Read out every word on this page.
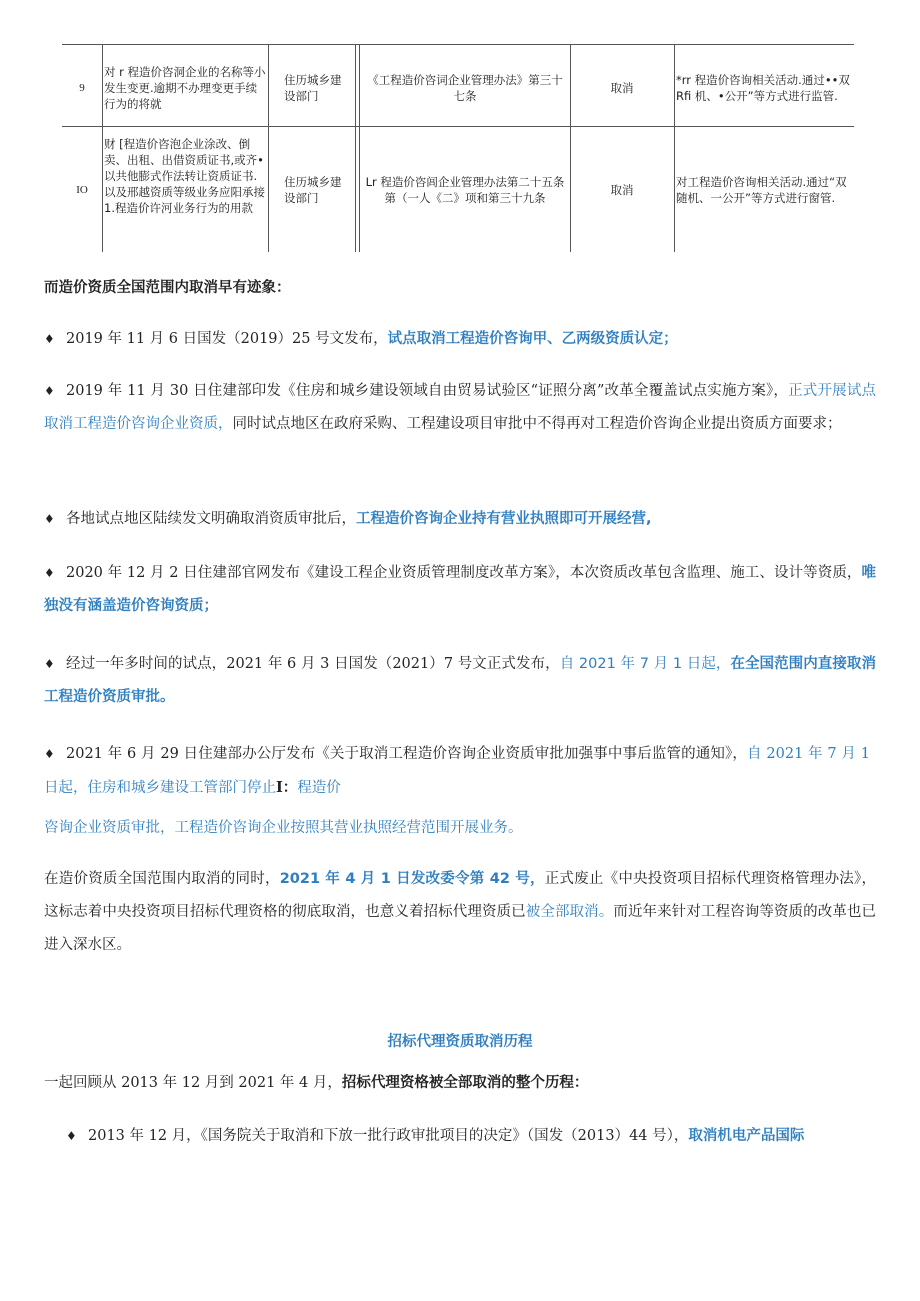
9
对 r 程造价咨洞企业的名称等小发生变更.逾期不办理变更手续行为的将就
住历城乡建设部门
《工程造价咨词企业管理办法》第三十七条
取消
*rr 程造价咨询相关活动.通过••双Rfi 机、•公开”等方式进行监管.
IO
财 [程造价咨泡企业涂改、倒卖、出租、出借资质证书,或齐•以共他膨式作法转让资质证书.以及邢越资质等级业务应阳承接 1.程造价许河业务行为的用款
住历城乡建设部门
Lr 程造价咨闾企业管理办法第二十五条第（一人《二》项和第三十九条
取消
对工程造价咨询相关活动.通过“双随机、一公开”等方式进行窗管.
而造价资质全国范围内取消早有迹象：
♦ 2019 年 11 月 6 日国发（2019）25 号文发布，试点取消工程造价咨询甲、乙两级资质认定；
♦ 2019 年 11 月 30 日住建部印发《住房和城乡建设领域自由贸易试验区“证照分离”改革全覆盖试点实施方案》，正式开展试点取消工程造价咨询企业资质，同时试点地区在政府采购、工程建设项目审批中不得再对工程造价咨询企业提出资质方面要求；
♦ 各地试点地区陆续发文明确取消资质审批后，工程造价咨询企业持有营业执照即可开展经营,
♦ 2020 年 12 月 2 日住建部官网发布《建设工程企业资质管理制度改革方案》，本次资质改革包含监理、施工、设计等资质，唯独没有涵盖造价咨询资质；
♦ 经过一年多时间的试点，2021 年 6 月 3 日国发（2021）7 号文正式发布，自 2021 年 7 月 1 日起，在全国范围内直接取消工程造价资质审批。
♦ 2021 年 6 月 29 日住建部办公厅发布《关于取消工程造价咨询企业资质审批加强事中事后监管的通知》，自 2021 年 7 月 1 日起，住房和城乡建设工管部门停止I：程造价
咨询企业资质审批，工程造价咨询企业按照其营业执照经营范围开展业务。
在造价资质全国范围内取消的同时，2021 年 4 月 1 日发改委令第 42 号，正式废止《中央投资项目招标代理资格管理办法》，这标志着中央投资项目招标代理资格的彻底取消，也意义着招标代理资质已被全部取消。而近年来针对工程咨询等资质的改革也已进入深水区。
招标代理资质取消历程
一起回顾从 2013 年 12 月到 2021 年 4 月，招标代理资格被全部取消的整个历程：
♦ 2013 年 12 月，《国务院关于取消和下放一批行政审批项目的决定》（国发（2013）44 号），取消机电产品国际
